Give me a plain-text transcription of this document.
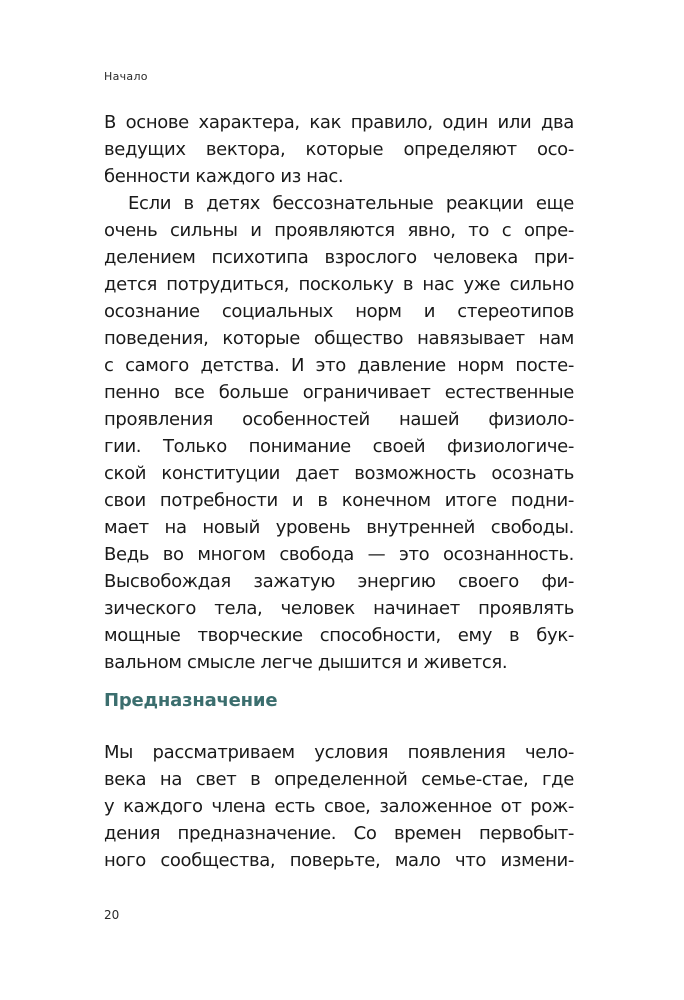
Начало
В основе характера, как правило, один или два
ведущих вектора, которые определяют осо-
бенности каждого из нас.
Если в детях бессознательные реакции еще
очень сильны и проявляются явно, то с опре-
делением психотипа взрослого человека при-
дется потрудиться, поскольку в нас уже сильно
осознание социальных норм и стереотипов
поведения, которые общество навязывает нам
с самого детства. И это давление норм посте-
пенно все больше ограничивает естественные
проявления особенностей нашей физиоло-
гии. Только понимание своей физиологиче-
ской конституции дает возможность осознать
свои потребности и в конечном итоге подни-
мает на новый уровень внутренней свободы.
Ведь во многом свобода — это осознанность.
Высвобождая зажатую энергию своего фи-
зического тела, человек начинает проявлять
мощные творческие способности, ему в бук-
вальном смысле легче дышится и живется.
Предназначение
Мы рассматриваем условия появления чело-
века на свет в определенной семье-стае, где
у каждого члена есть свое, заложенное от рож-
дения предназначение. Со времен первобыт-
ного сообщества, поверьте, мало что измени-
20
